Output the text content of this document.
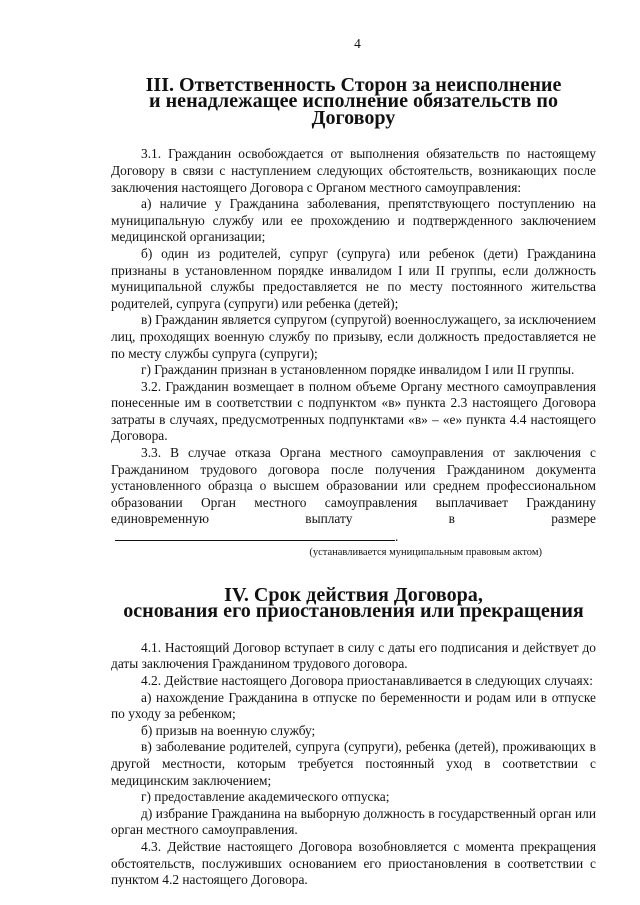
4
III. Ответственность Сторон за неисполнение
и ненадлежащее исполнение обязательств по Договору

3.1. Гражданин освобождается от выполнения обязательств по настоящему Договору в связи с наступлением следующих обстоятельств, возникающих после заключения настоящего Договора с Органом местного самоуправления:

а) наличие у Гражданина заболевания, препятствующего поступлению на муниципальную службу или ее прохождению и подтвержденного заключением медицинской организации;

б) один из родителей, супруг (супруга) или ребенок (дети) Гражданина признаны в установленном порядке инвалидом I или II группы, если должность муниципальной службы предоставляется не по месту постоянного жительства родителей, супруга (супруги) или ребенка (детей);

в) Гражданин является супругом (супругой) военнослужащего, за исключением лиц, проходящих военную службу по призыву, если должность предоставляется не по месту службы супруга (супруги);

г) Гражданин признан в установленном порядке инвалидом I или II группы.

3.2. Гражданин возмещает в полном объеме Органу местного самоуправления понесенные им в соответствии с подпунктом «в» пункта 2.3 настоящего Договора затраты в случаях, предусмотренных подпунктами «в» – «е» пункта 4.4 настоящего Договора.

3.3. В случае отказа Органа местного самоуправления от заключения с Гражданином трудового договора после получения Гражданином документа установленного образца о высшем образовании или среднем профессиональном образовании Орган местного самоуправления выплачивает Гражданину единовременную выплату в размере.

(устанавливается муниципальным правовым актом)
IV. Срок действия Договора,
основания его приостановления или прекращения

4.1. Настоящий Договор вступает в силу с даты его подписания и действует до даты заключения Гражданином трудового договора.

4.2. Действие настоящего Договора приостанавливается в следующих случаях:

а) нахождение Гражданина в отпуске по беременности и родам или в отпуске по уходу за ребенком;

б) призыв на военную службу;

в) заболевание родителей, супруга (супруги), ребенка (детей), проживающих в другой местности, которым требуется постоянный уход в соответствии с медицинским заключением;

г) предоставление академического отпуска;

д) избрание Гражданина на выборную должность в государственный орган или орган местного самоуправления.

4.3. Действие настоящего Договора возобновляется с момента прекращения обстоятельств, послуживших основанием его приостановления в соответствии с пунктом 4.2 настоящего Договора.
